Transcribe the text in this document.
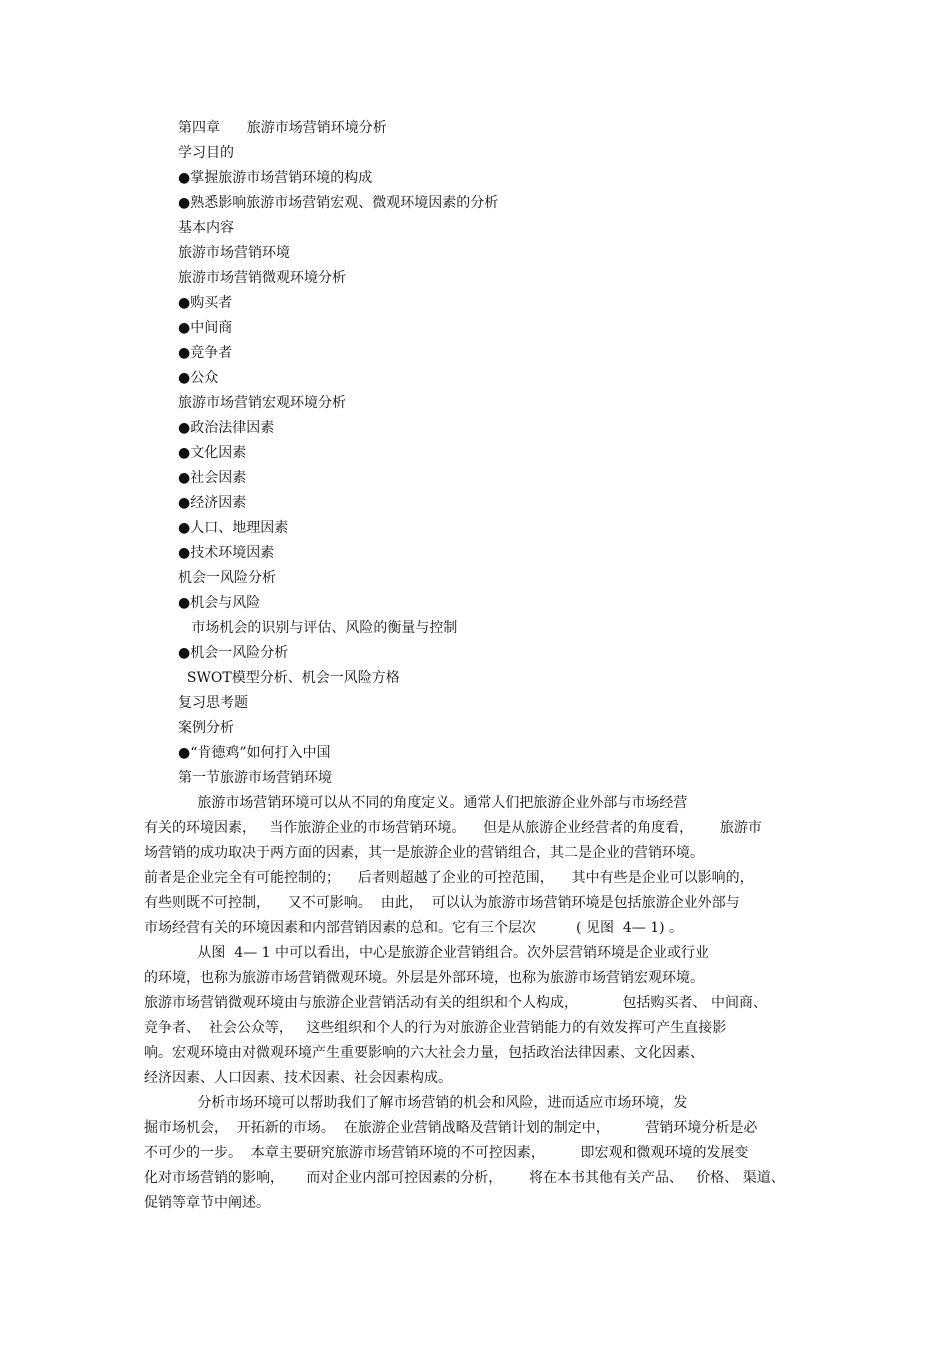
第四章      旅游市场营销环境分析
学习目的
●掌握旅游市场营销环境的构成
●熟悉影响旅游市场营销宏观、微观环境因素的分析
基本内容
旅游市场营销环境
旅游市场营销微观环境分析
●购买者
●中间商
●竞争者
●公众
旅游市场营销宏观环境分析
●政治法律因素
●文化因素
●社会因素
●经济因素
●人口、地理因素
●技术环境因素
机会一风险分析
●机会与风险
市场机会的识别与评估、风险的衡量与控制
●机会一风险分析
SWOT模型分析、机会一风险方格
复习思考题
案例分析
●“肯德鸡”如何打入中国
第一节旅游市场营销环境
旅游市场营销环境可以从不同的角度定义。通常人们把旅游企业外部与市场经营
有关的环境因素，   当作旅游企业的市场营销环境。    但是从旅游企业经营者的角度看，      旅游市
场营销的成功取决于两方面的因素，其一是旅游企业的营销组合，其二是企业的营销环境。
前者是企业完全有可能控制的；    后者则超越了企业的可控范围，    其中有些是企业可以影响的，
有些则既不可控制，    又不可影响。  由此，  可以认为旅游市场营销环境是包括旅游企业外部与
市场经营有关的环境因素和内部营销因素的总和。它有三个层次         ( 见图  4— 1) 。
从图  4— 1 中可以看出，中心是旅游企业营销组合。次外层营销环境是企业或行业
的环境，也称为旅游市场营销微观环境。外层是外部环境，也称为旅游市场营销宏观环境。
旅游市场营销微观环境由与旅游企业营销活动有关的组织和个人构成，          包括购买者、 中间商、
竞争者、  社会公众等，   这些组织和个人的行为对旅游企业营销能力的有效发挥可产生直接影
响。宏观环境由对微观环境产生重要影响的六大社会力量，包括政治法律因素、文化因素、
经济因素、人口因素、技术因素、社会因素构成。
分析市场环境可以帮助我们了解市场营销的机会和风险，进而适应市场环境，发
掘市场机会，  开拓新的市场。  在旅游企业营销战略及营销计划的制定中，        营销环境分析是必
不可少的一步。  本章主要研究旅游市场营销环境的不可控因素，        即宏观和微观环境的发展变
化对市场营销的影响，     而对企业内部可控因素的分析，      将在本书其他有关产品、   价格、 渠道、
促销等章节中阐述。
